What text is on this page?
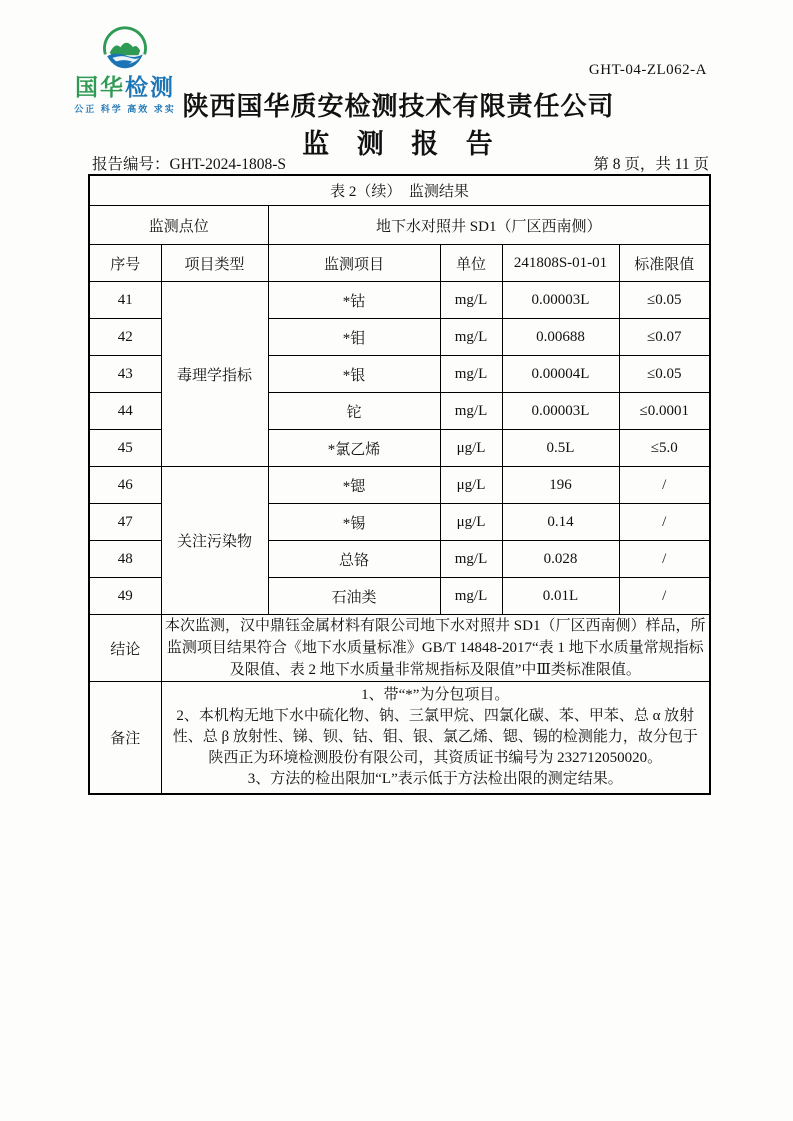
国华检测
公正 科学 高效 求实
GHT-04-ZL062-A
陕西国华质安检测技术有限责任公司
监 测 报 告
报告编号：GHT-2024-1808-S	第 8 页，共 11 页
表 2（续）　监测结果					
监测点位		地下水对照井 SD1（厂区西南侧）			
序号	项目类型	监测项目	单位	241808S-01-01	标准限值
41	毒理学指标	*钴	mg/L	0.00003L	≤0.05
42		*钼	mg/L	0.00688	≤0.07
43		*银	mg/L	0.00004L	≤0.05
44		铊	mg/L	0.00003L	≤0.0001
45		*氯乙烯	μg/L	0.5L	≤5.0
46	关注污染物	*锶	μg/L	196	/
47		*锡	μg/L	0.14	/
48		总铬	mg/L	0.028	/
49		石油类	mg/L	0.01L	/
结论	本次监测，汉中鼎钰金属材料有限公司地下水对照井 SD1（厂区西南侧）样品，所监测项目结果符合《地下水质量标准》GB/T 14848-2017“表 1 地下水质量常规指标及限值、表 2 地下水质量非常规指标及限值”中Ⅲ类标准限值。				
备注	1、带“*”为分包项目。
2、本机构无地下水中硫化物、钠、三氯甲烷、四氯化碳、苯、甲苯、总 α 放射性、总 β 放射性、锑、钡、钴、钼、银、氯乙烯、锶、锡的检测能力，故分包于陕西正为环境检测股份有限公司，其资质证书编号为 232712050020。
3、方法的检出限加“L”表示低于方法检出限的测定结果。				
